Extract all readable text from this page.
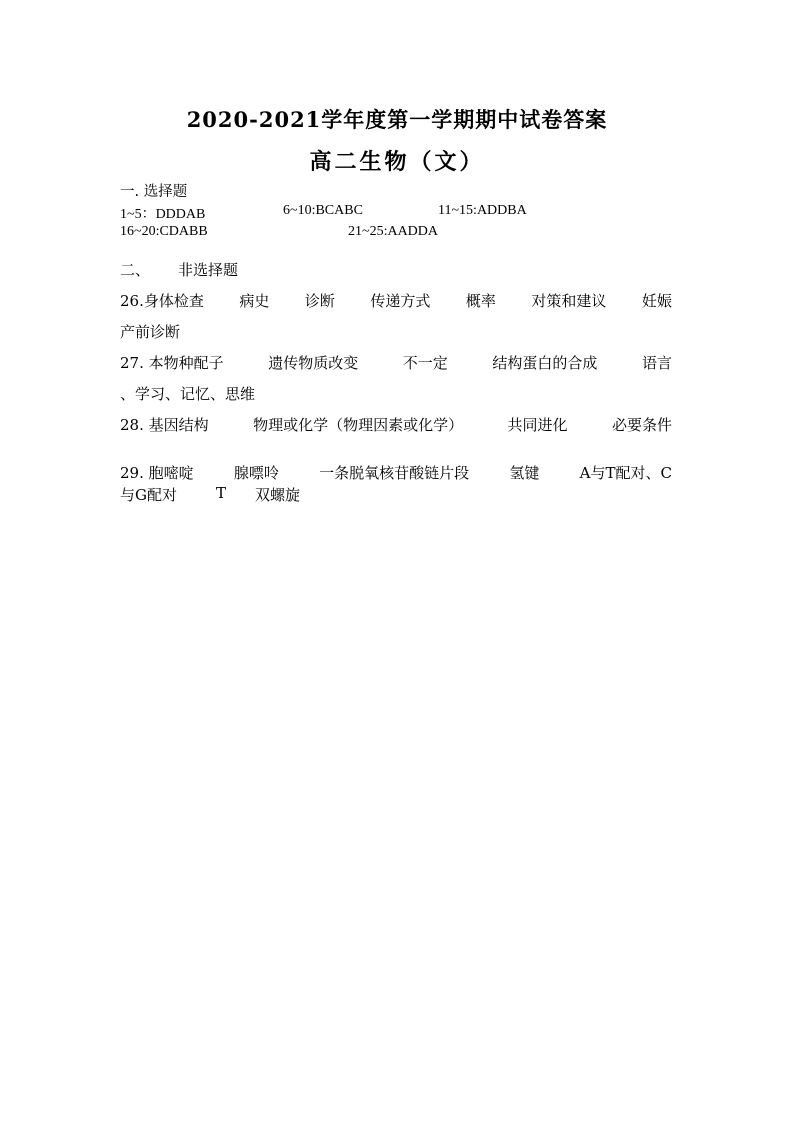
2020-2021学年度第一学期期中试卷答案
高二生物（文）
一. 选择题
1~5：DDDAB	6~10:BCABC	11~15:ADDBA
16~20:CDABB	21~25:AADDA
二、 非选择题
26.身体检查 病史 诊断 传递方式 概率 对策和建议 妊娠
产前诊断
27. 本物种配子	遗传物质改变	不一定	结构蛋白的合成	语言
、学习、记忆、思维
28. 基因结构	物理或化学（物理因素或化学）	共同进化	必要条件
29. 胞嘧啶	腺嘌呤	一条脱氧核苷酸链片段	氢键	A与T配对、C
与G配对	T 双螺旋
